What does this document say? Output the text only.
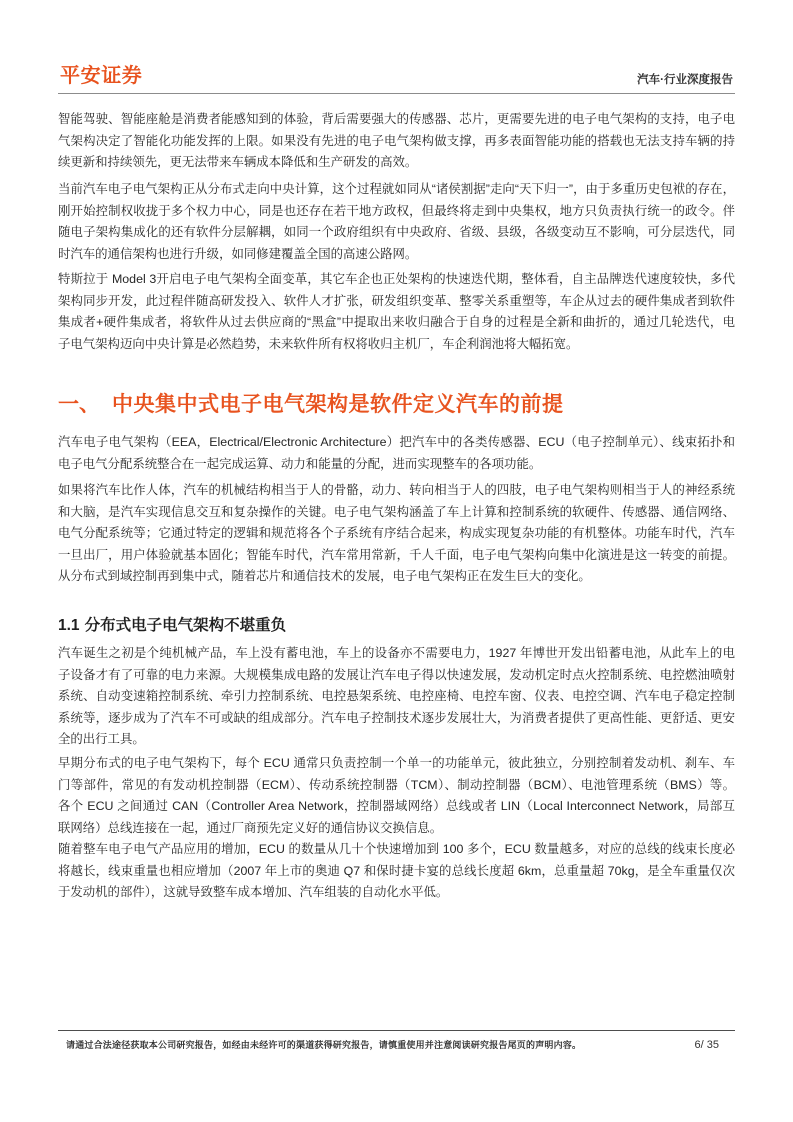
平安证券	汽车·行业深度报告
智能驾驶、智能座舱是消费者能感知到的体验，背后需要强大的传感器、芯片，更需要先进的电子电气架构的支持，电子电
气架构决定了智能化功能发挥的上限。如果没有先进的电子电气架构做支撑，再多表面智能功能的搭载也无法支持车辆的持
续更新和持续领先，更无法带来车辆成本降低和生产研发的高效。
当前汽车电子电气架构正从分布式走向中央计算，这个过程就如同从“诸侯割据”走向“天下归一”，由于多重历史包袱的存在，
刚开始控制权收拢于多个权力中心，同是也还存在若干地方政权，但最终将走到中央集权，地方只负责执行统一的政令。伴
随电子架构集成化的还有软件分层解耦，如同一个政府组织有中央政府、省级、县级，各级变动互不影响，可分层迭代，同
时汽车的通信架构也进行升级，如同修建覆盖全国的高速公路网。
特斯拉于 Model 3开启电子电气架构全面变革，其它车企也正处架构的快速迭代期，整体看，自主品牌迭代速度较快，多代
架构同步开发，此过程伴随高研发投入、软件人才扩张，研发组织变革、整零关系重塑等，车企从过去的硬件集成者到软件
集成者+硬件集成者，将软件从过去供应商的“黑盒”中提取出来收归融合于自身的过程是全新和曲折的，通过几轮迭代，电
子电气架构迈向中央计算是必然趋势，未来软件所有权将收归主机厂，车企利润池将大幅拓宽。
一、 中央集中式电子电气架构是软件定义汽车的前提
汽车电子电气架构（EEA，Electrical/Electronic Architecture）把汽车中的各类传感器、ECU（电子控制单元）、线束拓扑和
电子电气分配系统整合在一起完成运算、动力和能量的分配，进而实现整车的各项功能。
如果将汽车比作人体，汽车的机械结构相当于人的骨骼，动力、转向相当于人的四肢，电子电气架构则相当于人的神经系统
和大脑，是汽车实现信息交互和复杂操作的关键。电子电气架构涵盖了车上计算和控制系统的软硬件、传感器、通信网络、
电气分配系统等；它通过特定的逻辑和规范将各个子系统有序结合起来，构成实现复杂功能的有机整体。功能车时代，汽车
一旦出厂，用户体验就基本固化；智能车时代，汽车常用常新，千人千面，电子电气架构向集中化演进是这一转变的前提。
从分布式到域控制再到集中式，随着芯片和通信技术的发展，电子电气架构正在发生巨大的变化。
1.1 分布式电子电气架构不堪重负
汽车诞生之初是个纯机械产品，车上没有蓄电池，车上的设备亦不需要电力，1927 年博世开发出铅蓄电池，从此车上的电
子设备才有了可靠的电力来源。大规模集成电路的发展让汽车电子得以快速发展，发动机定时点火控制系统、电控燃油喷射
系统、自动变速箱控制系统、牵引力控制系统、电控悬架系统、电控座椅、电控车窗、仪表、电控空调、汽车电子稳定控制
系统等，逐步成为了汽车不可或缺的组成部分。汽车电子控制技术逐步发展壮大，为消费者提供了更高性能、更舒适、更安
全的出行工具。
早期分布式的电子电气架构下，每个 ECU 通常只负责控制一个单一的功能单元，彼此独立，分别控制着发动机、刹车、车
门等部件，常见的有发动机控制器（ECM）、传动系统控制器（TCM）、制动控制器（BCM）、电池管理系统（BMS）等。
各个 ECU 之间通过 CAN（Controller Area Network，控制器域网络）总线或者 LIN（Local Interconnect Network，局部互
联网络）总线连接在一起，通过厂商预先定义好的通信协议交换信息。
随着整车电子电气产品应用的增加，ECU 的数量从几十个快速增加到 100 多个，ECU 数量越多，对应的总线的线束长度必
将越长，线束重量也相应增加（2007 年上市的奥迪 Q7 和保时捷卡宴的总线长度超 6km，总重量超 70kg，是全车重量仅次
于发动机的部件），这就导致整车成本增加、汽车组装的自动化水平低。
请通过合法途径获取本公司研究报告，如经由未经许可的渠道获得研究报告，请慎重使用并注意阅读研究报告尾页的声明内容。	6/ 35
